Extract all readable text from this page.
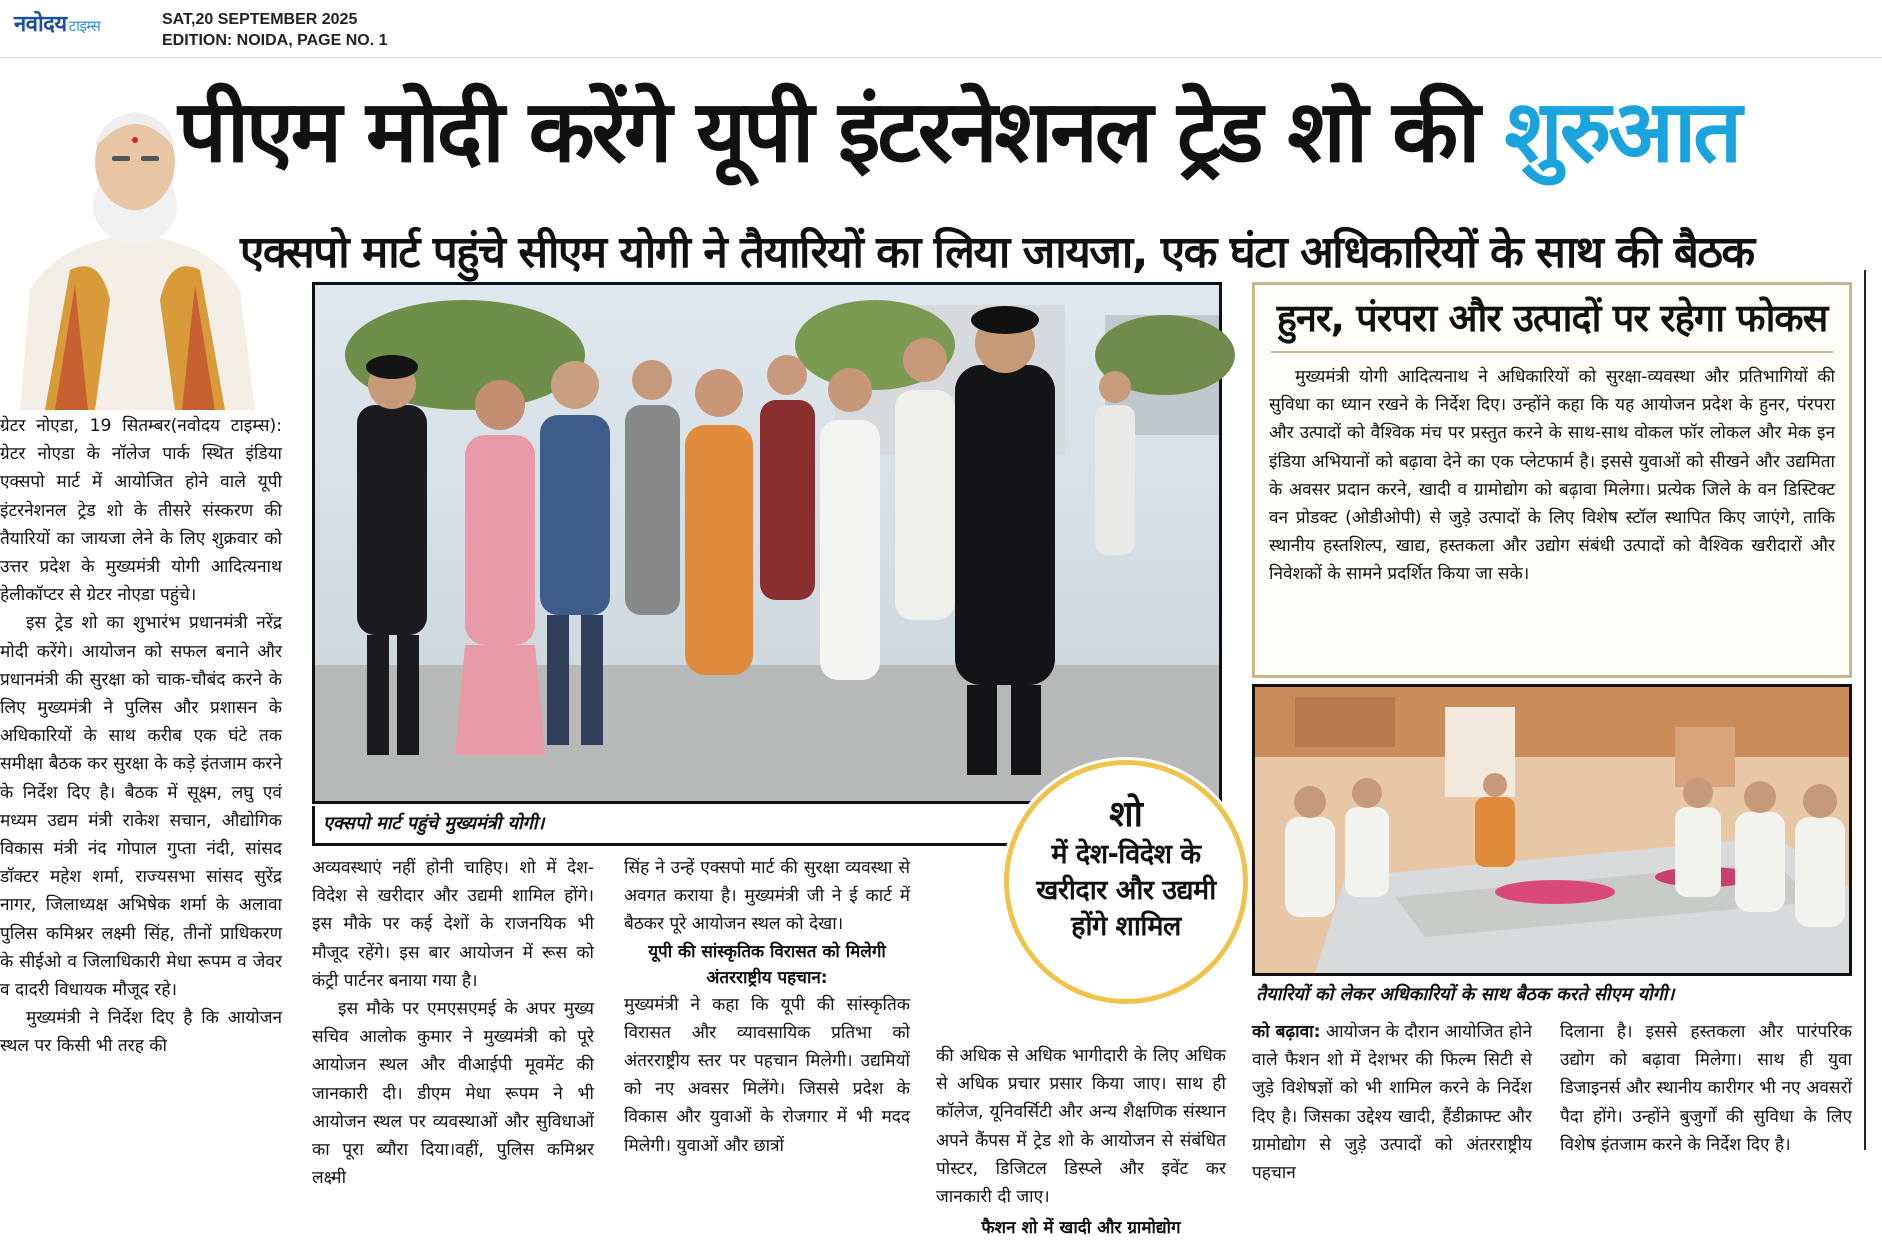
नवोदय टाइम्स	SAT,20 SEPTEMBER 2025
EDITION: NOIDA, PAGE NO. 1
पीएम मोदी करेंगे यूपी इंटरनेशनल ट्रेड शो की शुरुआत
एक्सपो मार्ट पहुंचे सीएम योगी ने तैयारियों का लिया जायजा, एक घंटा अधिकारियों के साथ की बैठक

ग्रेटर नोएडा, 19 सितम्बर(नवोदय टाइम्स): ग्रेटर नोएडा के नॉलेज पार्क स्थित इंडिया एक्सपो मार्ट में आयोजित होने वाले यूपी इंटरनेशनल ट्रेड शो के तीसरे संस्करण की तैयारियों का जायजा लेने के लिए शुक्रवार को उत्तर प्रदेश के मुख्यमंत्री योगी आदित्यनाथ हेलीकॉप्टर से ग्रेटर नोएडा पहुंचे।

इस ट्रेड शो का शुभारंभ प्रधानमंत्री नरेंद्र मोदी करेंगे। आयोजन को सफल बनाने और प्रधानमंत्री की सुरक्षा को चाक-चौबंद करने के लिए मुख्यमंत्री ने पुलिस और प्रशासन के अधिकारियों के साथ करीब एक घंटे तक समीक्षा बैठक कर सुरक्षा के कड़े इंतजाम करने के निर्देश दिए है। बैठक में सूक्ष्म, लघु एवं मध्यम उद्यम मंत्री राकेश सचान, औद्योगिक विकास मंत्री नंद गोपाल गुप्ता नंदी, सांसद डॉक्टर महेश शर्मा, राज्यसभा सांसद सुरेंद्र नागर, जिलाध्यक्ष अभिषेक शर्मा के अलावा पुलिस कमिश्नर लक्ष्मी सिंह, तीनों प्राधिकरण के सीईओ व जिलाधिकारी मेधा रूपम व जेवर व दादरी विधायक मौजूद रहे।

मुख्यमंत्री ने निर्देश दिए है कि आयोजन स्थल पर किसी भी तरह की

एक्सपो मार्ट पहुंचे मुख्यमंत्री योगी।

अव्यवस्थाएं नहीं होनी चाहिए। शो में देश-विदेश से खरीदार और उद्यमी शामिल होंगे। इस मौके पर कई देशों के राजनयिक भी मौजूद रहेंगे। इस बार आयोजन में रूस को कंट्री पार्टनर बनाया गया है।

इस मौके पर एमएसएमई के अपर मुख्य सचिव आलोक कुमार ने मुख्यमंत्री को पूरे आयोजन स्थल और वीआईपी मूवमेंट की जानकारी दी। डीएम मेधा रूपम ने भी आयोजन स्थल पर व्यवस्थाओं और सुविधाओं का पूरा ब्यौरा दिया।वहीं, पुलिस कमिश्नर लक्ष्मी

सिंह ने उन्हें एक्सपो मार्ट की सुरक्षा व्यवस्था से अवगत कराया है। मुख्यमंत्री जी ने ई कार्ट में बैठकर पूरे आयोजन स्थल को देखा।

यूपी की सांस्कृतिक विरासत को मिलेगी अंतरराष्ट्रीय पहचान:

मुख्यमंत्री ने कहा कि यूपी की सांस्कृतिक विरासत और व्यावसायिक प्रतिभा को अंतरराष्ट्रीय स्तर पर पहचान मिलेगी। उद्यमियों को नए अवसर मिलेंगे। जिससे प्रदेश के विकास और युवाओं के रोजगार में भी मदद मिलेगी। युवाओं और छात्रों

की अधिक से अधिक भागीदारी के लिए अधिक से अधिक प्रचार प्रसार किया जाए। साथ ही कॉलेज, यूनिवर्सिटी और अन्य शैक्षणिक संस्थान अपने कैंपस में ट्रेड शो के आयोजन से संबंधित पोस्टर, डिजिटल डिस्प्ले और इवेंट कर जानकारी दी जाए।

फैशन शो में खादी और ग्रामोद्योग

शो
में देश-विदेश के
खरीदार और उद्यमी
होंगे शामिल
हुनर, पंरपरा और उत्पादों पर रहेगा फोकस
मुख्यमंत्री योगी आदित्यनाथ ने अधिकारियों को सुरक्षा-व्यवस्था और प्रतिभागियों की सुविधा का ध्यान रखने के निर्देश दिए। उन्होंने कहा कि यह आयोजन प्रदेश के हुनर, पंरपरा और उत्पादों को वैश्विक मंच पर प्रस्तुत करने के साथ-साथ वोकल फॉर लोकल और मेक इन इंडिया अभियानों को बढ़ावा देने का एक प्लेटफार्म है। इससे युवाओं को सीखने और उद्यमिता के अवसर प्रदान करने, खादी व ग्रामोद्योग को बढ़ावा मिलेगा। प्रत्येक जिले के वन डिस्टिक्ट वन प्रोडक्ट (ओडीओपी) से जुड़े उत्पादों के लिए विशेष स्टॉल स्थापित किए जाएंगे, ताकि स्थानीय हस्तशिल्प, खाद्य, हस्तकला और उद्योग संबंधी उत्पादों को वैश्विक खरीदारों और निवेशकों के सामने प्रदर्शित किया जा सके।
तैयारियों को लेकर अधिकारियों के साथ बैठक करते सीएम योगी।

को बढ़ावा: आयोजन के दौरान आयोजित होने वाले फैशन शो में देशभर की फिल्म सिटी से जुड़े विशेषज्ञों को भी शामिल करने के निर्देश दिए है। जिसका उद्देश्य खादी, हैंडीक्राफ्ट और ग्रामोद्योग से जुड़े उत्पादों को अंतरराष्ट्रीय पहचान

दिलाना है। इससे हस्तकला और पारंपरिक उद्योग को बढ़ावा मिलेगा। साथ ही युवा डिजाइनर्स और स्थानीय कारीगर भी नए अवसरों पैदा होंगे। उन्होंने बुजुर्गों की सुविधा के लिए विशेष इंतजाम करने के निर्देश दिए है।
